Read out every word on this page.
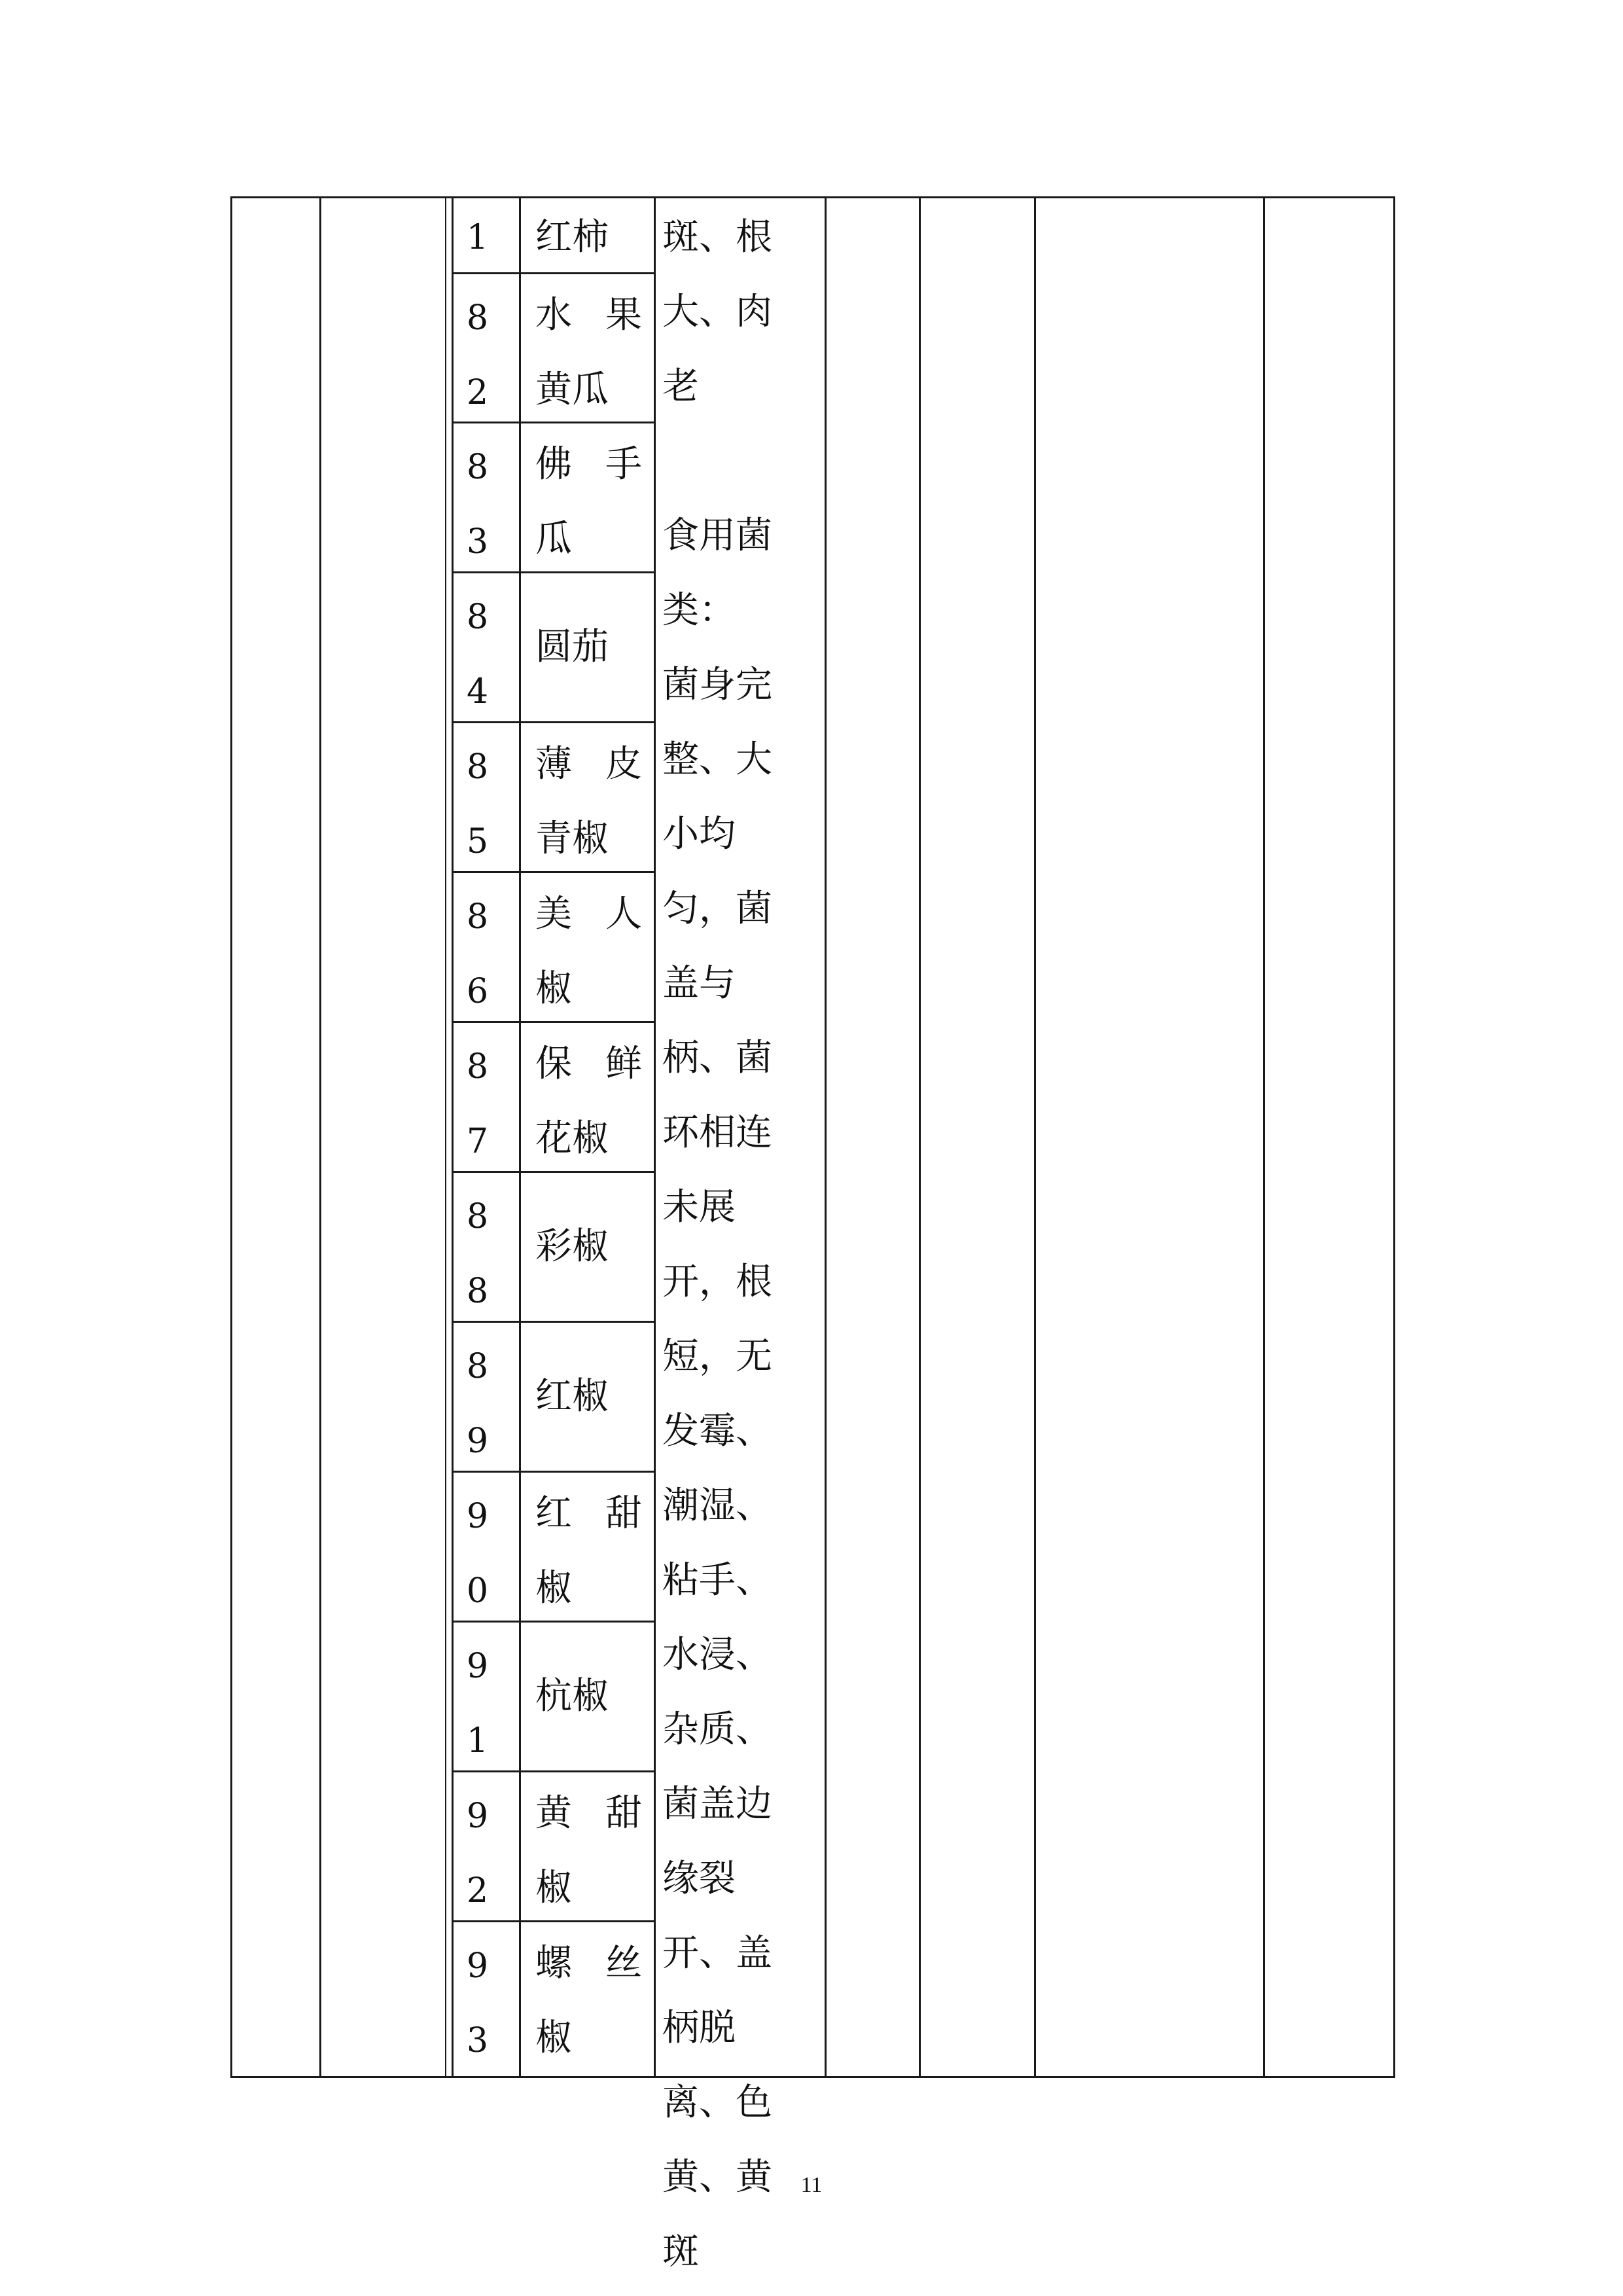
1	红柿
82
水 果
黄瓜
83
佛 手
瓜
84
圆茄
85
薄 皮
青椒
86
美 人
椒
87
保 鲜
花椒
88
彩椒
89
红椒
90
红 甜
椒
91
杭椒
92
黄 甜
椒
93
螺 丝
椒
斑、根大、肉老
食用菌类：
菌身完整、大小均匀，菌盖与柄、菌环相连未展开，根短，无发霉、潮湿、粘手、水浸、杂质、菌盖边缘裂开、盖柄脱离、色黄、黄斑
11
